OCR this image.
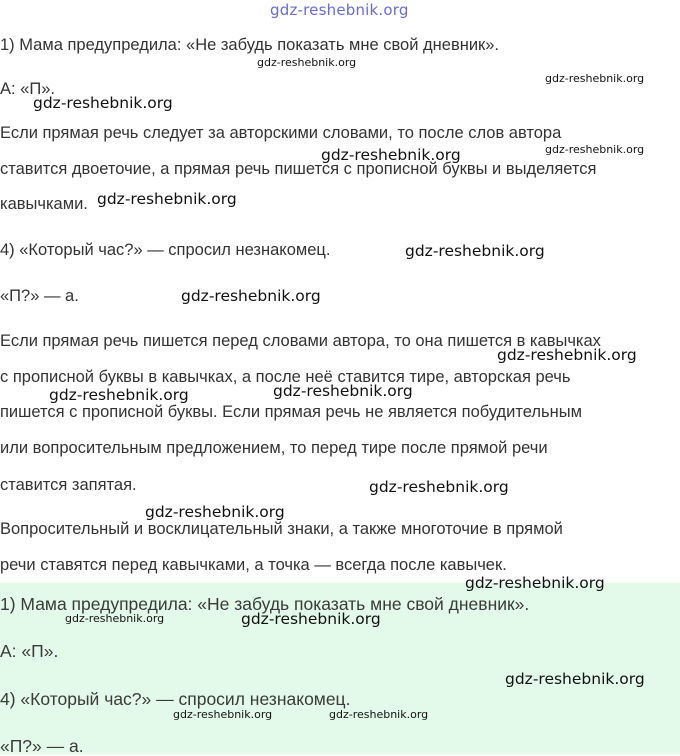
gdz-reshebnik.org

1) Мама предупредила: «Не забудь показать мне свой дневник».

А: «П».

Если прямая речь следует за авторскими словами, то после слов автора

ставится двоеточие, а прямая речь пишется с прописной буквы и выделяется

кавычками.

4) «Который час?» — спросил незнакомец.

«П?» — а.

Если прямая речь пишется перед словами автора, то она пишется в кавычках

с прописной буквы в кавычках, а после неё ставится тире, авторская речь

пишется с прописной буквы. Если прямая речь не является побудительным

или вопросительным предложением, то перед тире после прямой речи

ставится запятая.

Вопросительный и восклицательный знаки, а также многоточие в прямой

речи ставятся перед кавычками, а точка — всегда после кавычек.

1) Мама предупредила: «Не забудь показать мне свой дневник».

А: «П».

4) «Который час?» — спросил незнакомец.

«П?» — а.

gdz-reshebnik.org
gdz-reshebnik.org
gdz-reshebnik.org
gdz-reshebnik.org	gdz-reshebnik.org
gdz-reshebnik.org
gdz-reshebnik.org
gdz-reshebnik.org
gdz-reshebnik.org
gdz-reshebnik.org
gdz-reshebnik.org
gdz-reshebnik.org
gdz-reshebnik.org
gdz-reshebnik.org
gdz-reshebnik.org	gdz-reshebnik.org
gdz-reshebnik.org
gdz-reshebnik.org	gdz-reshebnik.org
